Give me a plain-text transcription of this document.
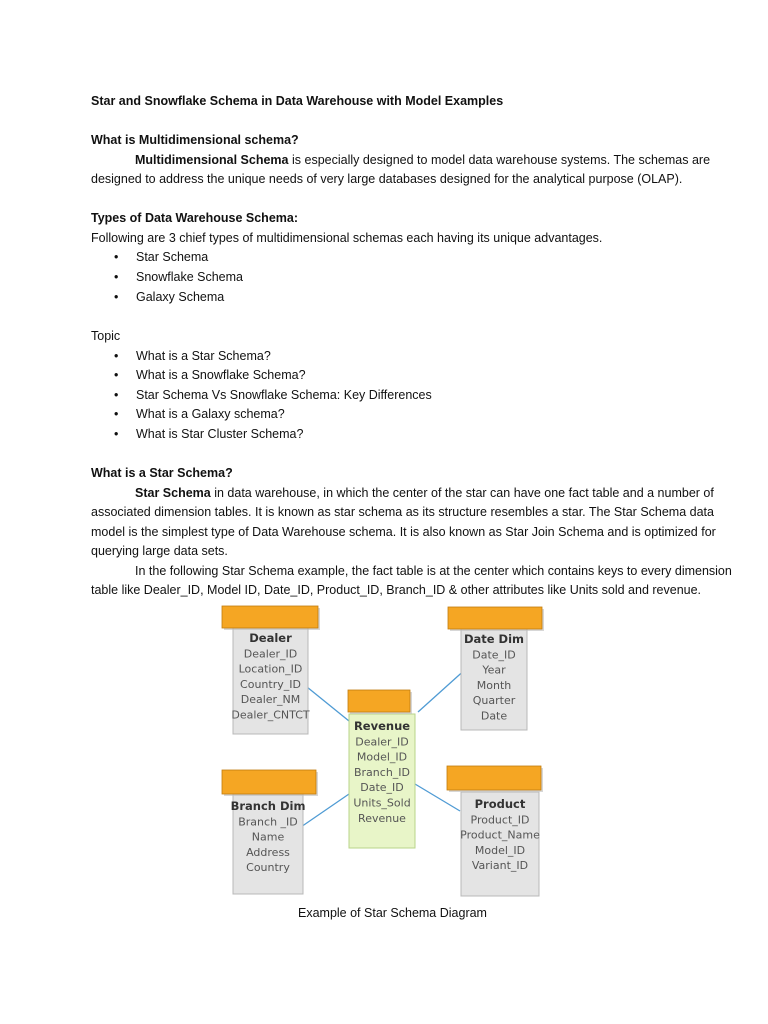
Star and Snowflake Schema in Data Warehouse with Model Examples
What is Multidimensional schema?
Multidimensional Schema is especially designed to model data warehouse systems. The schemas are
designed to address the unique needs of very large databases designed for the analytical purpose (OLAP).
Types of Data Warehouse Schema:
Following are 3 chief types of multidimensional schemas each having its unique advantages.
• Star Schema
• Snowflake Schema
• Galaxy Schema
Topic
• What is a Star Schema?
• What is a Snowflake Schema?
• Star Schema Vs Snowflake Schema: Key Differences
• What is a Galaxy schema?
• What is Star Cluster Schema?
What is a Star Schema?
Star Schema in data warehouse, in which the center of the star can have one fact table and a number of
associated dimension tables. It is known as star schema as its structure resembles a star. The Star Schema data
model is the simplest type of Data Warehouse schema. It is also known as Star Join Schema and is optimized for
querying large data sets.
In the following Star Schema example, the fact table is at the center which contains keys to every dimension
table like Dealer_ID, Model ID, Date_ID, Product_ID, Branch_ID & other attributes like Units sold and revenue.
Dealer
Dealer_ID
Location_ID
Country_ID
Dealer_NM
Dealer_CNTCT
Date Dim
Date_ID
Year
Month
Quarter
Date
Revenue
Dealer_ID
Model_ID
Branch_ID
Date_ID
Units_Sold
Revenue
Branch Dim
Branch _ID
Name
Address
Country
Product
Product_ID
Product_Name
Model_ID
Variant_ID
Example of Star Schema Diagram
